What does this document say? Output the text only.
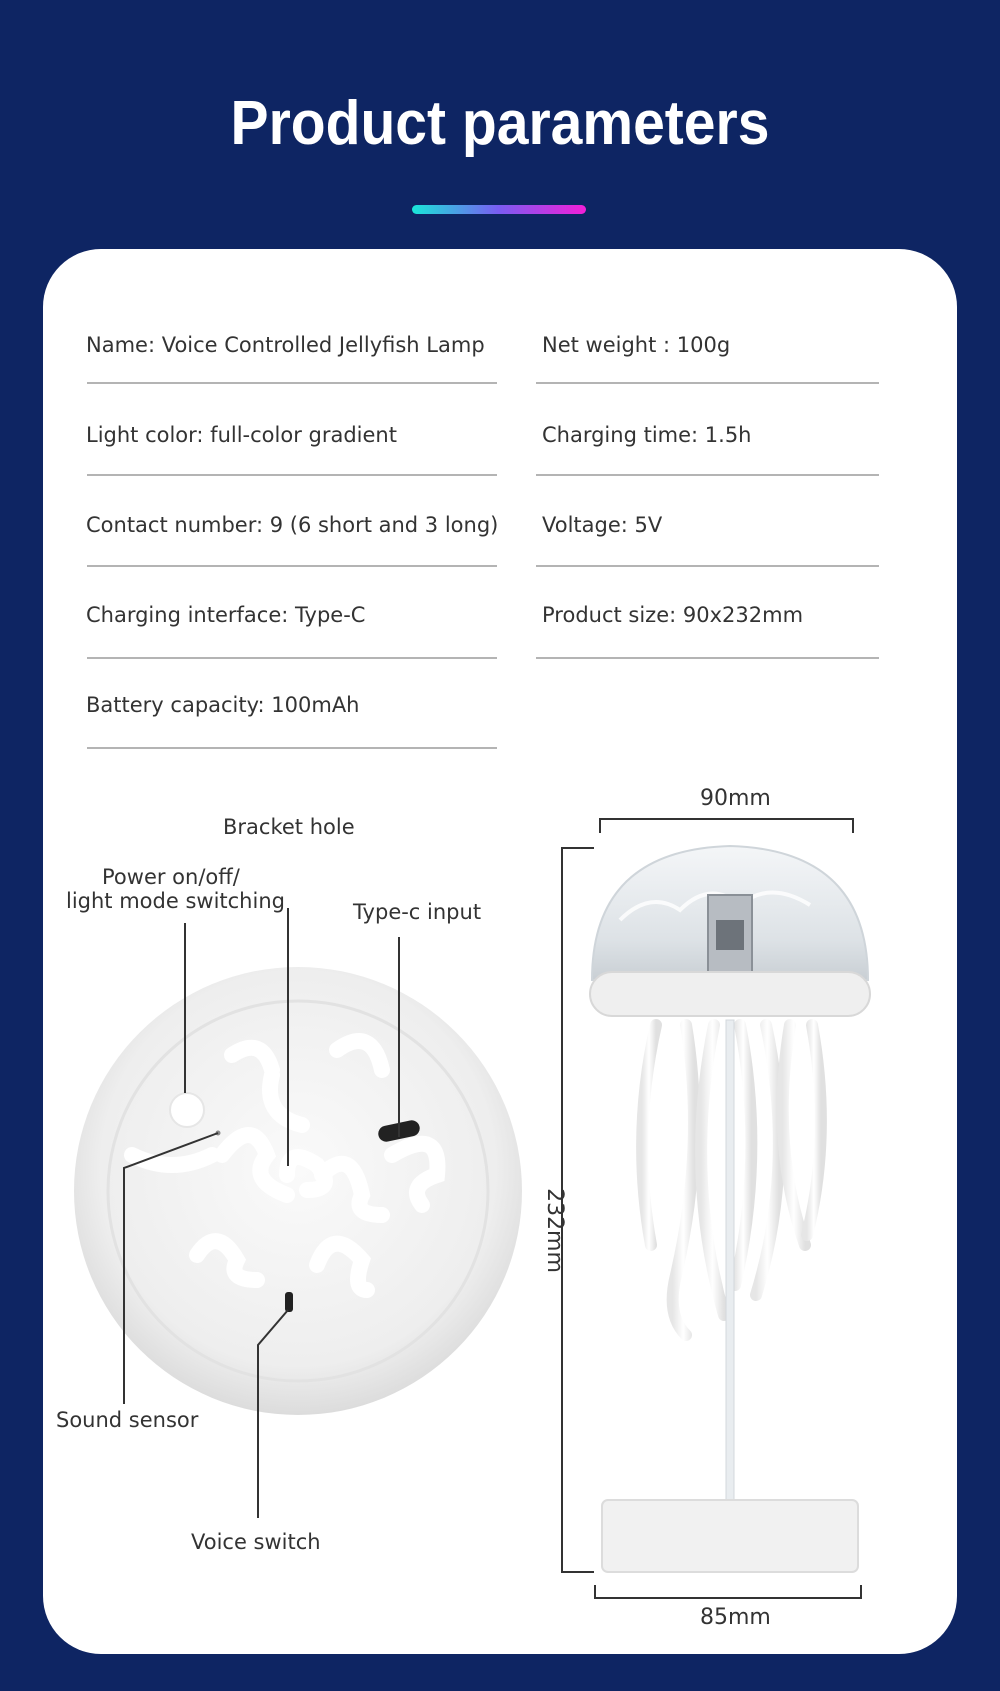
Product parameters
Name: Voice Controlled Jellyfish Lamp
Light color: full-color gradient
Contact number: 9 (6 short and 3 long)
Charging interface: Type-C
Battery capacity: 100mAh
Net weight : 100g
Charging time: 1.5h
Voltage: 5V
Product size: 90x232mm
Bracket hole
Power on/off/
light mode switching	Type-c input
Sound sensor
Voice switch
90mm
232mm
85mm
